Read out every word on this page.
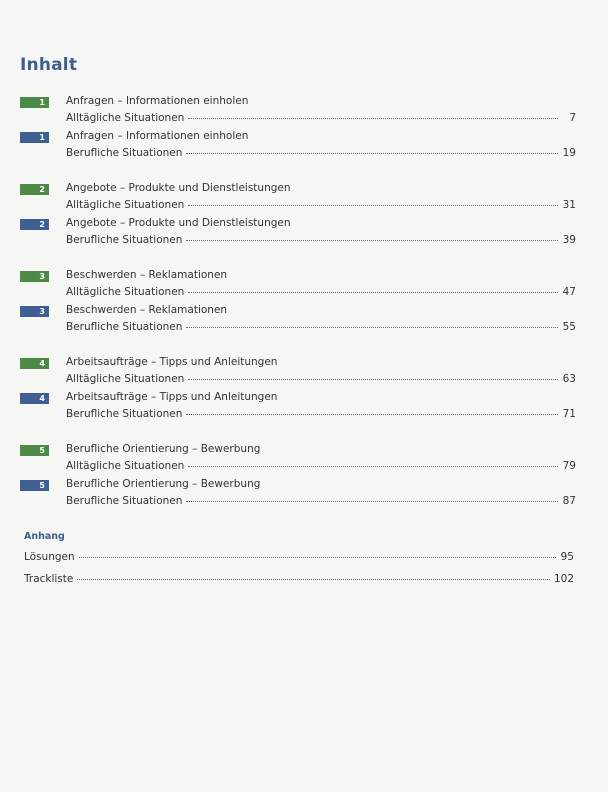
Inhalt
1	Anfragen – Informationen einholen
Alltägliche Situationen	7
1	Anfragen – Informationen einholen
Berufliche Situationen	19
2	Angebote – Produkte und Dienstleistungen
Alltägliche Situationen	31
2	Angebote – Produkte und Dienstleistungen
Berufliche Situationen	39
3	Beschwerden – Reklamationen
Alltägliche Situationen	47
3	Beschwerden – Reklamationen
Berufliche Situationen	55
4	Arbeitsaufträge – Tipps und Anleitungen
Alltägliche Situationen	63
4	Arbeitsaufträge – Tipps und Anleitungen
Berufliche Situationen	71
5	Berufliche Orientierung – Bewerbung
Alltägliche Situationen	79
5	Berufliche Orientierung – Bewerbung
Berufliche Situationen	87
Anhang
Lösungen	95
Trackliste	102
